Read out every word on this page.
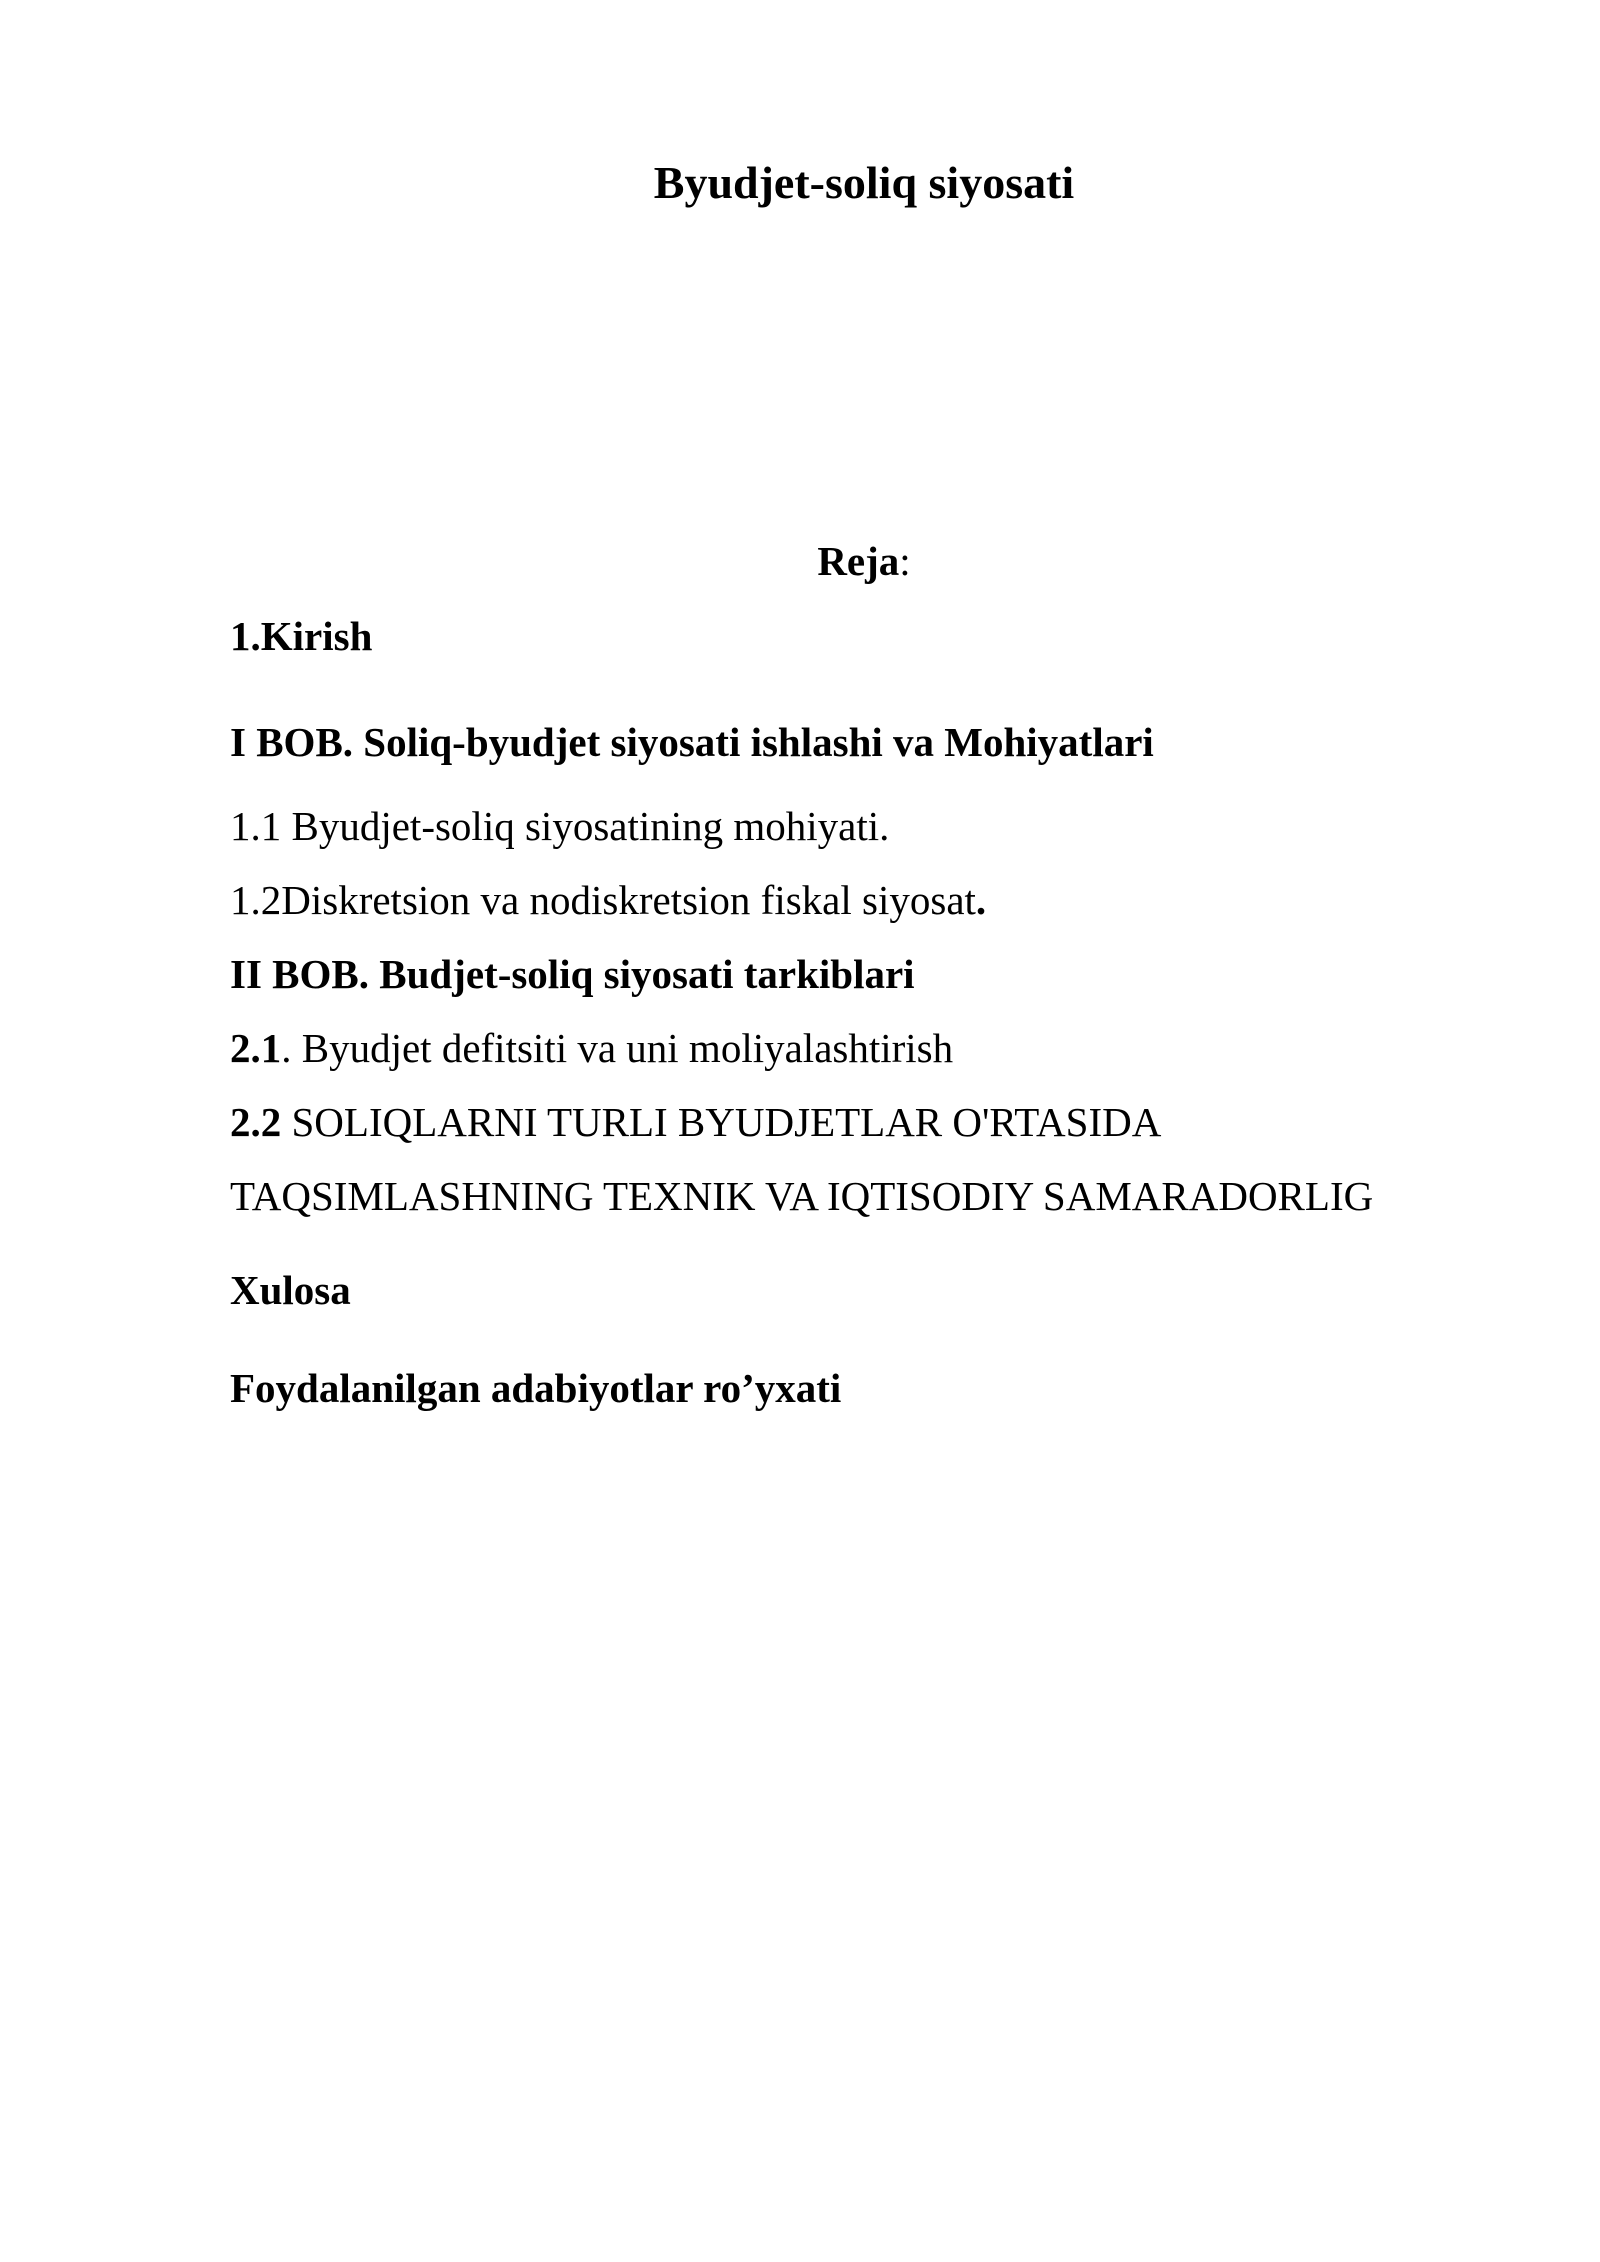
Byudjet-soliq siyosati
Reja:
1.Kirish
I BOB. Soliq-byudjet siyosati ishlashi va Mohiyatlari
1.1 Byudjet-soliq siyosatining mohiyati.
1.2Diskretsion va nodiskretsion fiskal siyosat.
II BOB. Budjet-soliq siyosati tarkiblari
2.1. Byudjet defitsiti va uni moliyalashtirish
2.2 SOLIQLARNI TURLI BYUDJETLAR O'RTASIDA
TAQSIMLASHNING TEXNIK VA IQTISODIY SAMARADORLIG
Xulosa
Foydalanilgan adabiyotlar ro’yxati
